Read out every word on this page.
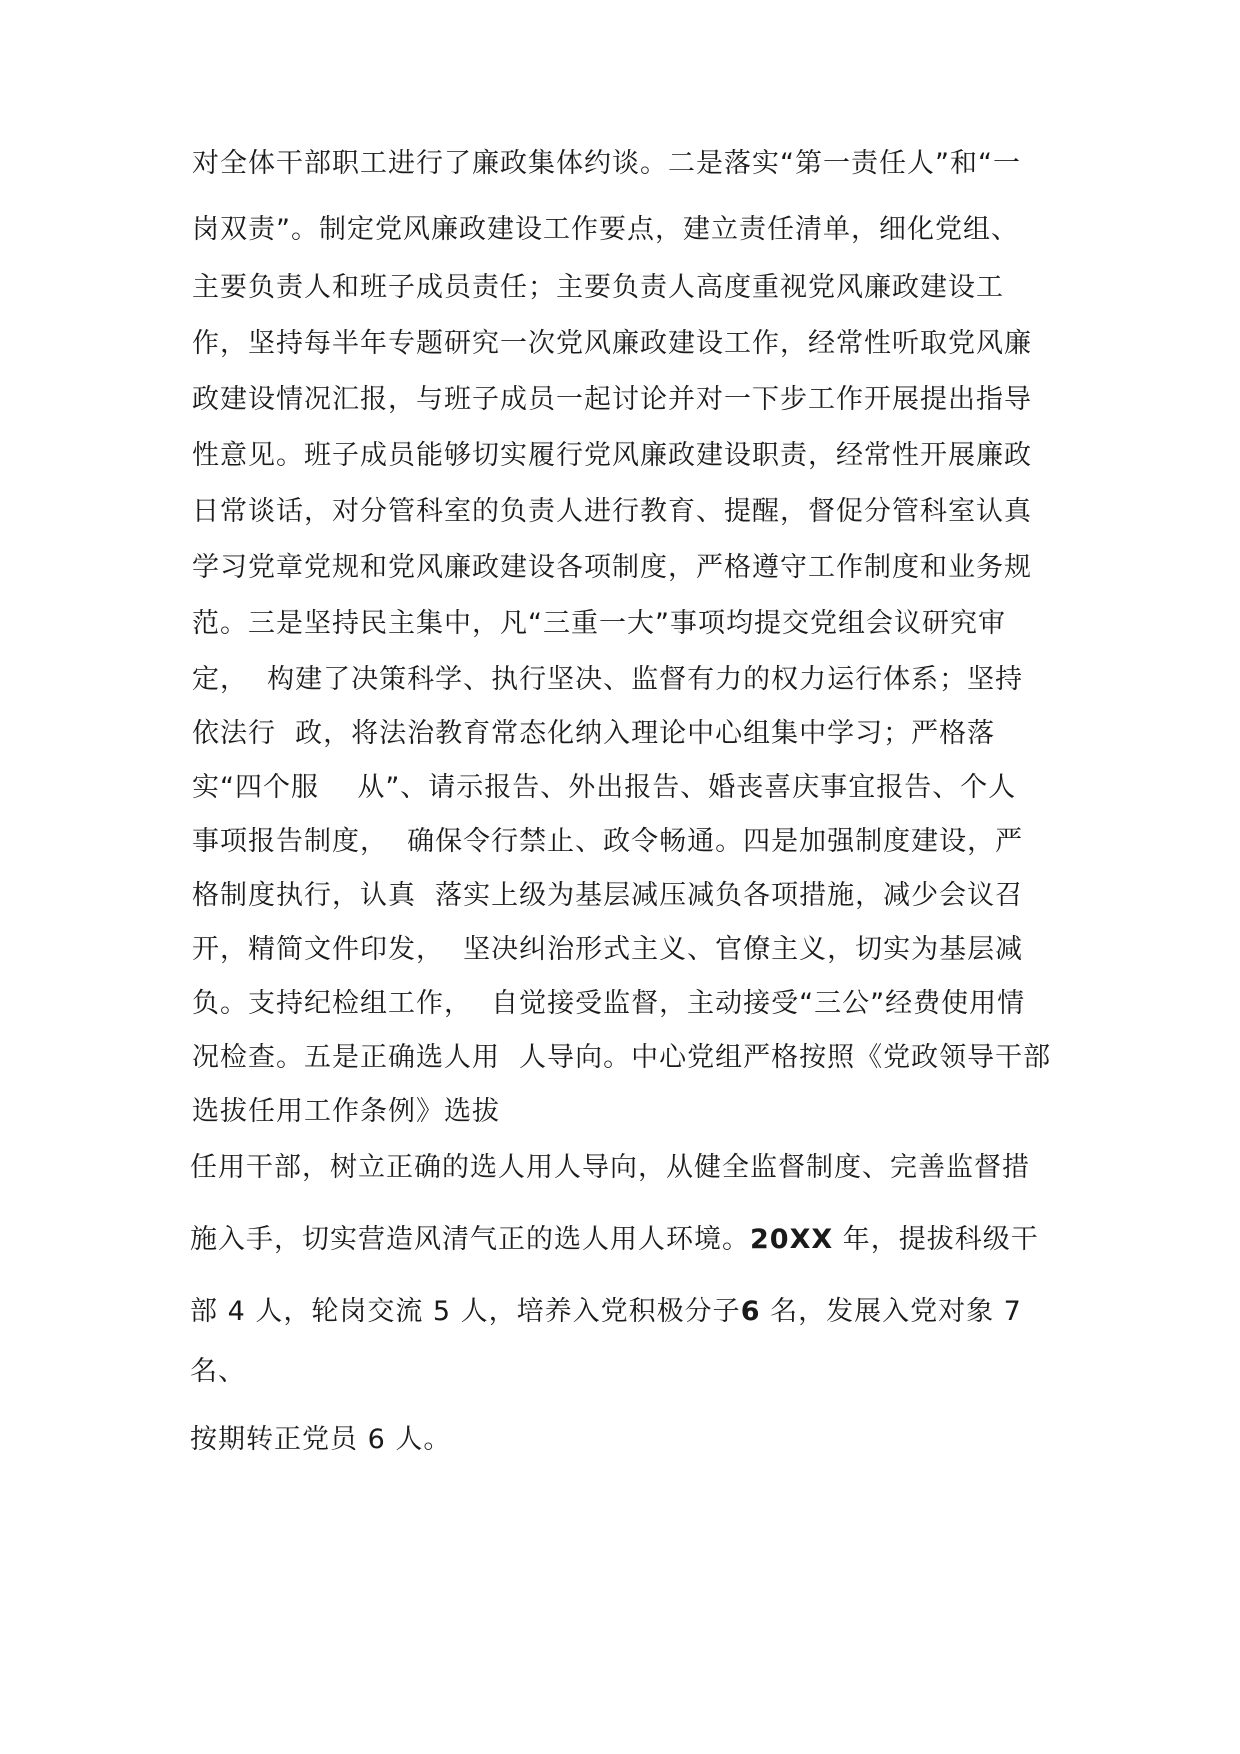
对全体干部职工进行了廉政集体约谈。二是落实“第一责任人”和“一
岗双责”。制定党风廉政建设工作要点，建立责任清单，细化党组、
主要负责人和班子成员责任；主要负责人高度重视党风廉政建设工
作，坚持每半年专题研究一次党风廉政建设工作，经常性听取党风廉
政建设情况汇报，与班子成员一起讨论并对一下步工作开展提出指导
性意见。班子成员能够切实履行党风廉政建设职责，经常性开展廉政
日常谈话，对分管科室的负责人进行教育、提醒，督促分管科室认真
学习党章党规和党风廉政建设各项制度，严格遵守工作制度和业务规
范。三是坚持民主集中，凡“三重一大”事项均提交党组会议研究审
定，  构建了决策科学、执行坚决、监督有力的权力运行体系；坚持
依法行  政，将法治教育常态化纳入理论中心组集中学习；严格落
实“四个服    从”、请示报告、外出报告、婚丧喜庆事宜报告、个人
事项报告制度，  确保令行禁止、政令畅通。四是加强制度建设，严
格制度执行，认真  落实上级为基层减压减负各项措施，减少会议召
开，精简文件印发，  坚决纠治形式主义、官僚主义，切实为基层减
负。支持纪检组工作，  自觉接受监督，主动接受“三公”经费使用情
况检查。五是正确选人用  人导向。中心党组严格按照《党政领导干部
选拔任用工作条例》选拔
任用干部，树立正确的选人用人导向，从健全监督制度、完善监督措
施入手，切实营造风清气正的选人用人环境。20XX 年，提拔科级干
部 4 人，轮岗交流 5 人，培养入党积极分子6 名，发展入党对象 7
名、
按期转正党员 6 人。
